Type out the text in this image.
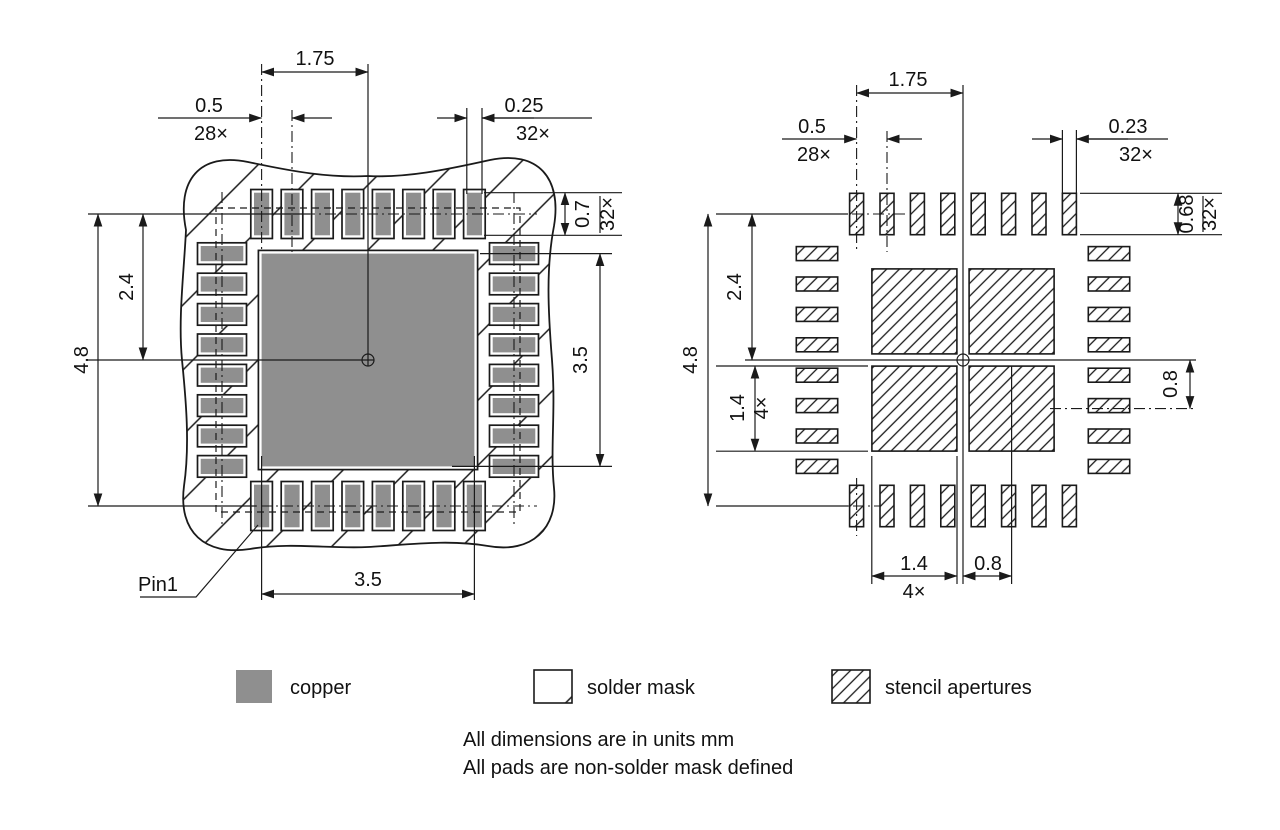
1.75
0.5
28×
0.25
32×
2.4
4.8
0.7 32×
3.5
3.5
Pin1
1.75
0.5
28×
0.23
32×
0.68 32×
4.8
2.4
1.4 4×
0.8
1.4
4×
0.8
copper	solder mask	stencil apertures
All dimensions are in units mm
All pads are non-solder mask defined
